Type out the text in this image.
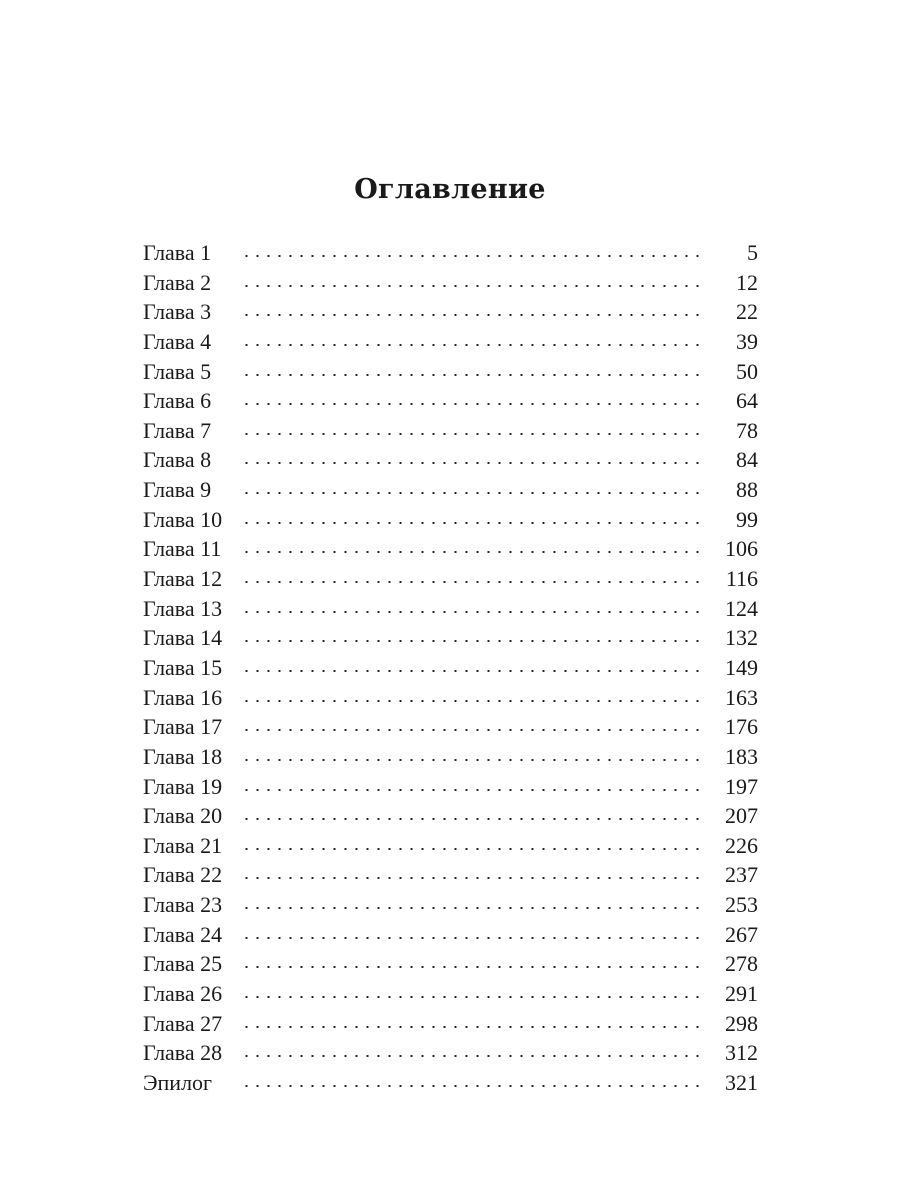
Оглавление
Глава 1	5
Глава 2	12
Глава 3	22
Глава 4	39
Глава 5	50
Глава 6	64
Глава 7	78
Глава 8	84
Глава 9	88
Глава 10	99
Глава 11	106
Глава 12	116
Глава 13	124
Глава 14	132
Глава 15	149
Глава 16	163
Глава 17	176
Глава 18	183
Глава 19	197
Глава 20	207
Глава 21	226
Глава 22	237
Глава 23	253
Глава 24	267
Глава 25	278
Глава 26	291
Глава 27	298
Глава 28	312
Эпилог	321
